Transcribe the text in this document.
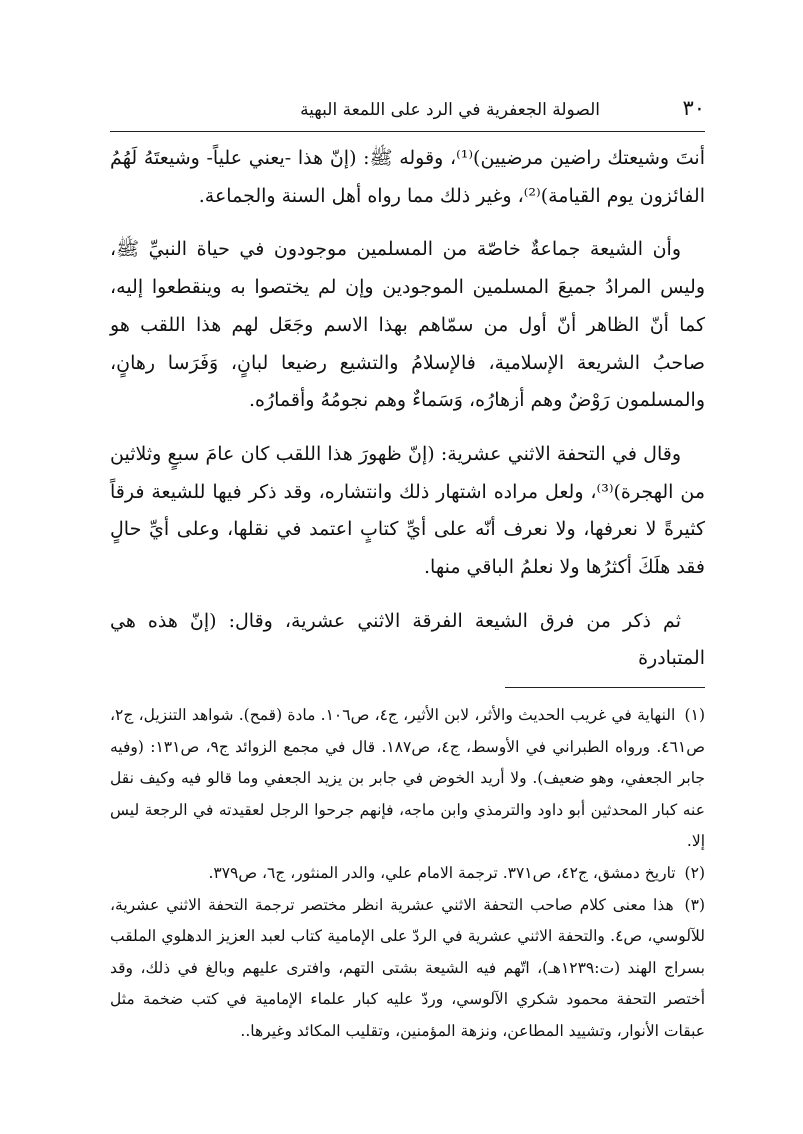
٣٠
الصولة الجعفرية في الرد على اللمعة البهية

أنتَ وشيعتك راضين مرضيين)⁽¹⁾، وقوله ﷺ: (إنّ هذا -يعني علياً- وشيعتَهُ لَهُمُ الفائزون يوم القيامة)⁽²⁾، وغير ذلك مما رواه أهل السنة والجماعة.

وأن الشيعة جماعةٌ خاصّة من المسلمين موجودون في حياة النبيِّ ﷺ، وليس المرادُ جميعَ المسلمين الموجودين وإن لم يختصوا به وينقطعوا إليه، كما أنّ الظاهر أنّ أول من سمّاهم بهذا الاسم وجَعَل لهم هذا اللقب هو صاحبُ الشريعة الإسلامية، فالإسلامُ والتشيع رضيعا لبانٍ، وَفَرَسا رهانٍ، والمسلمون رَوْضٌ وهم أزهارُه، وَسَماءٌ وهم نجومُهُ وأقمارُه.

وقال في التحفة الاثني عشرية: (إنّ ظهورَ هذا اللقب كان عامَ سبعٍ وثلاثين من الهجرة)⁽³⁾، ولعل مراده اشتهار ذلك وانتشاره، وقد ذكر فيها للشيعة فرقاً كثيرةً لا نعرفها، ولا نعرف أنّه على أيِّ كتابٍ اعتمد في نقلها، وعلى أيِّ حالٍ فقد هلَكَ أكثرُها ولا نعلمُ الباقي منها.

ثم ذكر من فرق الشيعة الفرقة الاثني عشرية، وقال: (إنّ هذه هي المتبادرة

(١) النهاية في غريب الحديث والأثر، لابن الأثير، ج٤، ص١٠٦. مادة (قمح). شواهد التنزيل، ج٢، ص٤٦١. ورواه الطبراني في الأوسط، ج٤، ص١٨٧. قال في مجمع الزوائد ج٩، ص١٣١: (وفيه جابر الجعفي، وهو ضعيف). ولا أريد الخوض في جابر بن يزيد الجعفي وما قالو فيه وكيف نقل عنه كبار المحدثين أبو داود والترمذي وابن ماجه، فإنهم جرحوا الرجل لعقيدته في الرجعة ليس إلا.

(٢) تاريخ دمشق، ج٤٢، ص٣٧١. ترجمة الامام علي، والدر المنثور، ج٦، ص٣٧٩.

(٣) هذا معنى كلام صاحب التحفة الاثني عشرية انظر مختصر ترجمة التحفة الاثني عشرية، للآلوسي، ص٤. والتحفة الاثني عشرية في الردّ على الإمامية كتاب لعبد العزيز الدهلوي الملقب بسراج الهند (ت:١٢٣٩هـ)، اتّهم فيه الشيعة بشتى التهم، وافترى عليهم وبالغ في ذلك، وقد أختصر التحفة محمود شكري الآلوسي، وردّ عليه كبار علماء الإمامية في كتب ضخمة مثل عبقات الأنوار، وتشييد المطاعن، ونزهة المؤمنين، وتقليب المكائد وغيرها..
